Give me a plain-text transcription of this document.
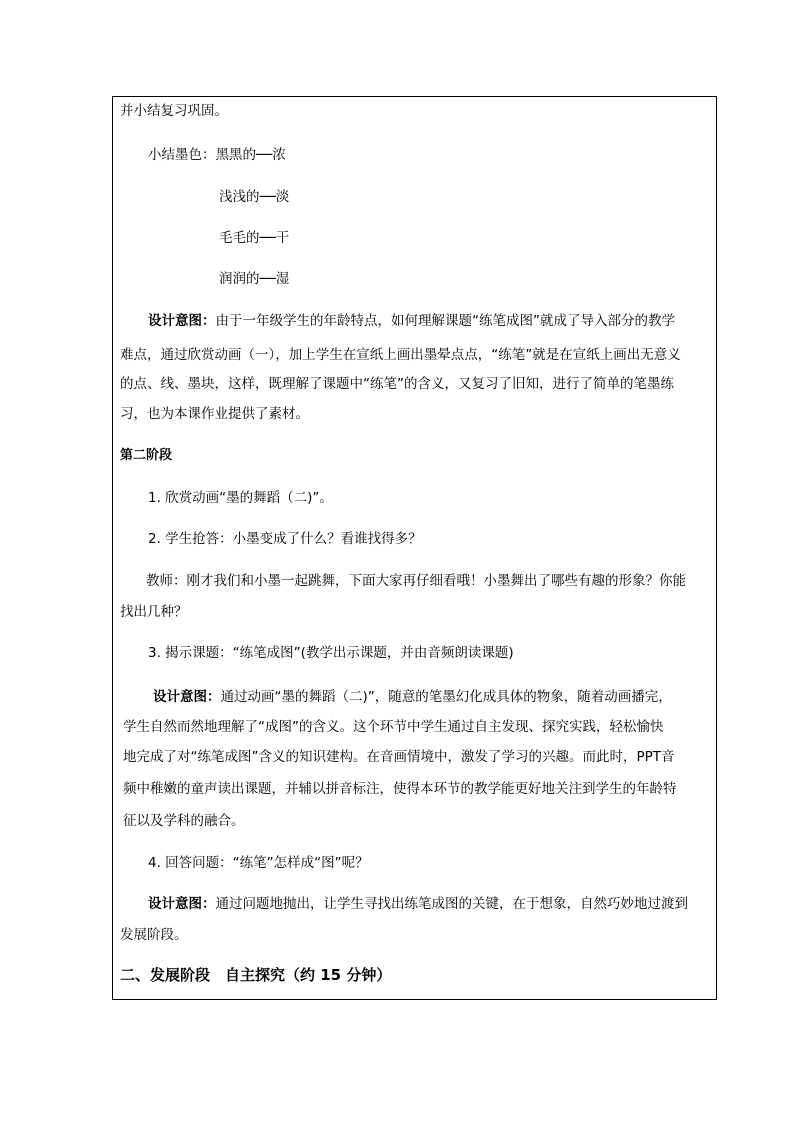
并小结复习巩固。
小结墨色：黑黑的──浓
浅浅的──淡
毛毛的──干
润润的──湿
设计意图：由于一年级学生的年龄特点，如何理解课题“练笔成图”就成了导入部分的教学
难点，通过欣赏动画（一），加上学生在宣纸上画出墨晕点点，“练笔”就是在宣纸上画出无意义
的点、线、墨块，这样，既理解了课题中“练笔”的含义，又复习了旧知，进行了简单的笔墨练
习，也为本课作业提供了素材。
第二阶段
1. 欣赏动画“墨的舞蹈（二)”。
2. 学生抢答：小墨变成了什么？看谁找得多？
教师：刚才我们和小墨一起跳舞，下面大家再仔细看哦！小墨舞出了哪些有趣的形象？你能
找出几种？
3. 揭示课题：“练笔成图”(教学出示课题，并由音频朗读课题)
设计意图：通过动画“墨的舞蹈（二)”，随意的笔墨幻化成具体的物象，随着动画播完，
学生自然而然地理解了“成图”的含义。这个环节中学生通过自主发现、探究实践，轻松愉快
地完成了对“练笔成图”含义的知识建构。在音画情境中，激发了学习的兴趣。而此时，PPT音
频中稚嫩的童声读出课题，并辅以拼音标注，使得本环节的教学能更好地关注到学生的年龄特
征以及学科的融合。
4. 回答问题：“练笔”怎样成“图”呢？
设计意图：通过问题地抛出，让学生寻找出练笔成图的关键，在于想象，自然巧妙地过渡到
发展阶段。
二、发展阶段　自主探究（约 15 分钟）
